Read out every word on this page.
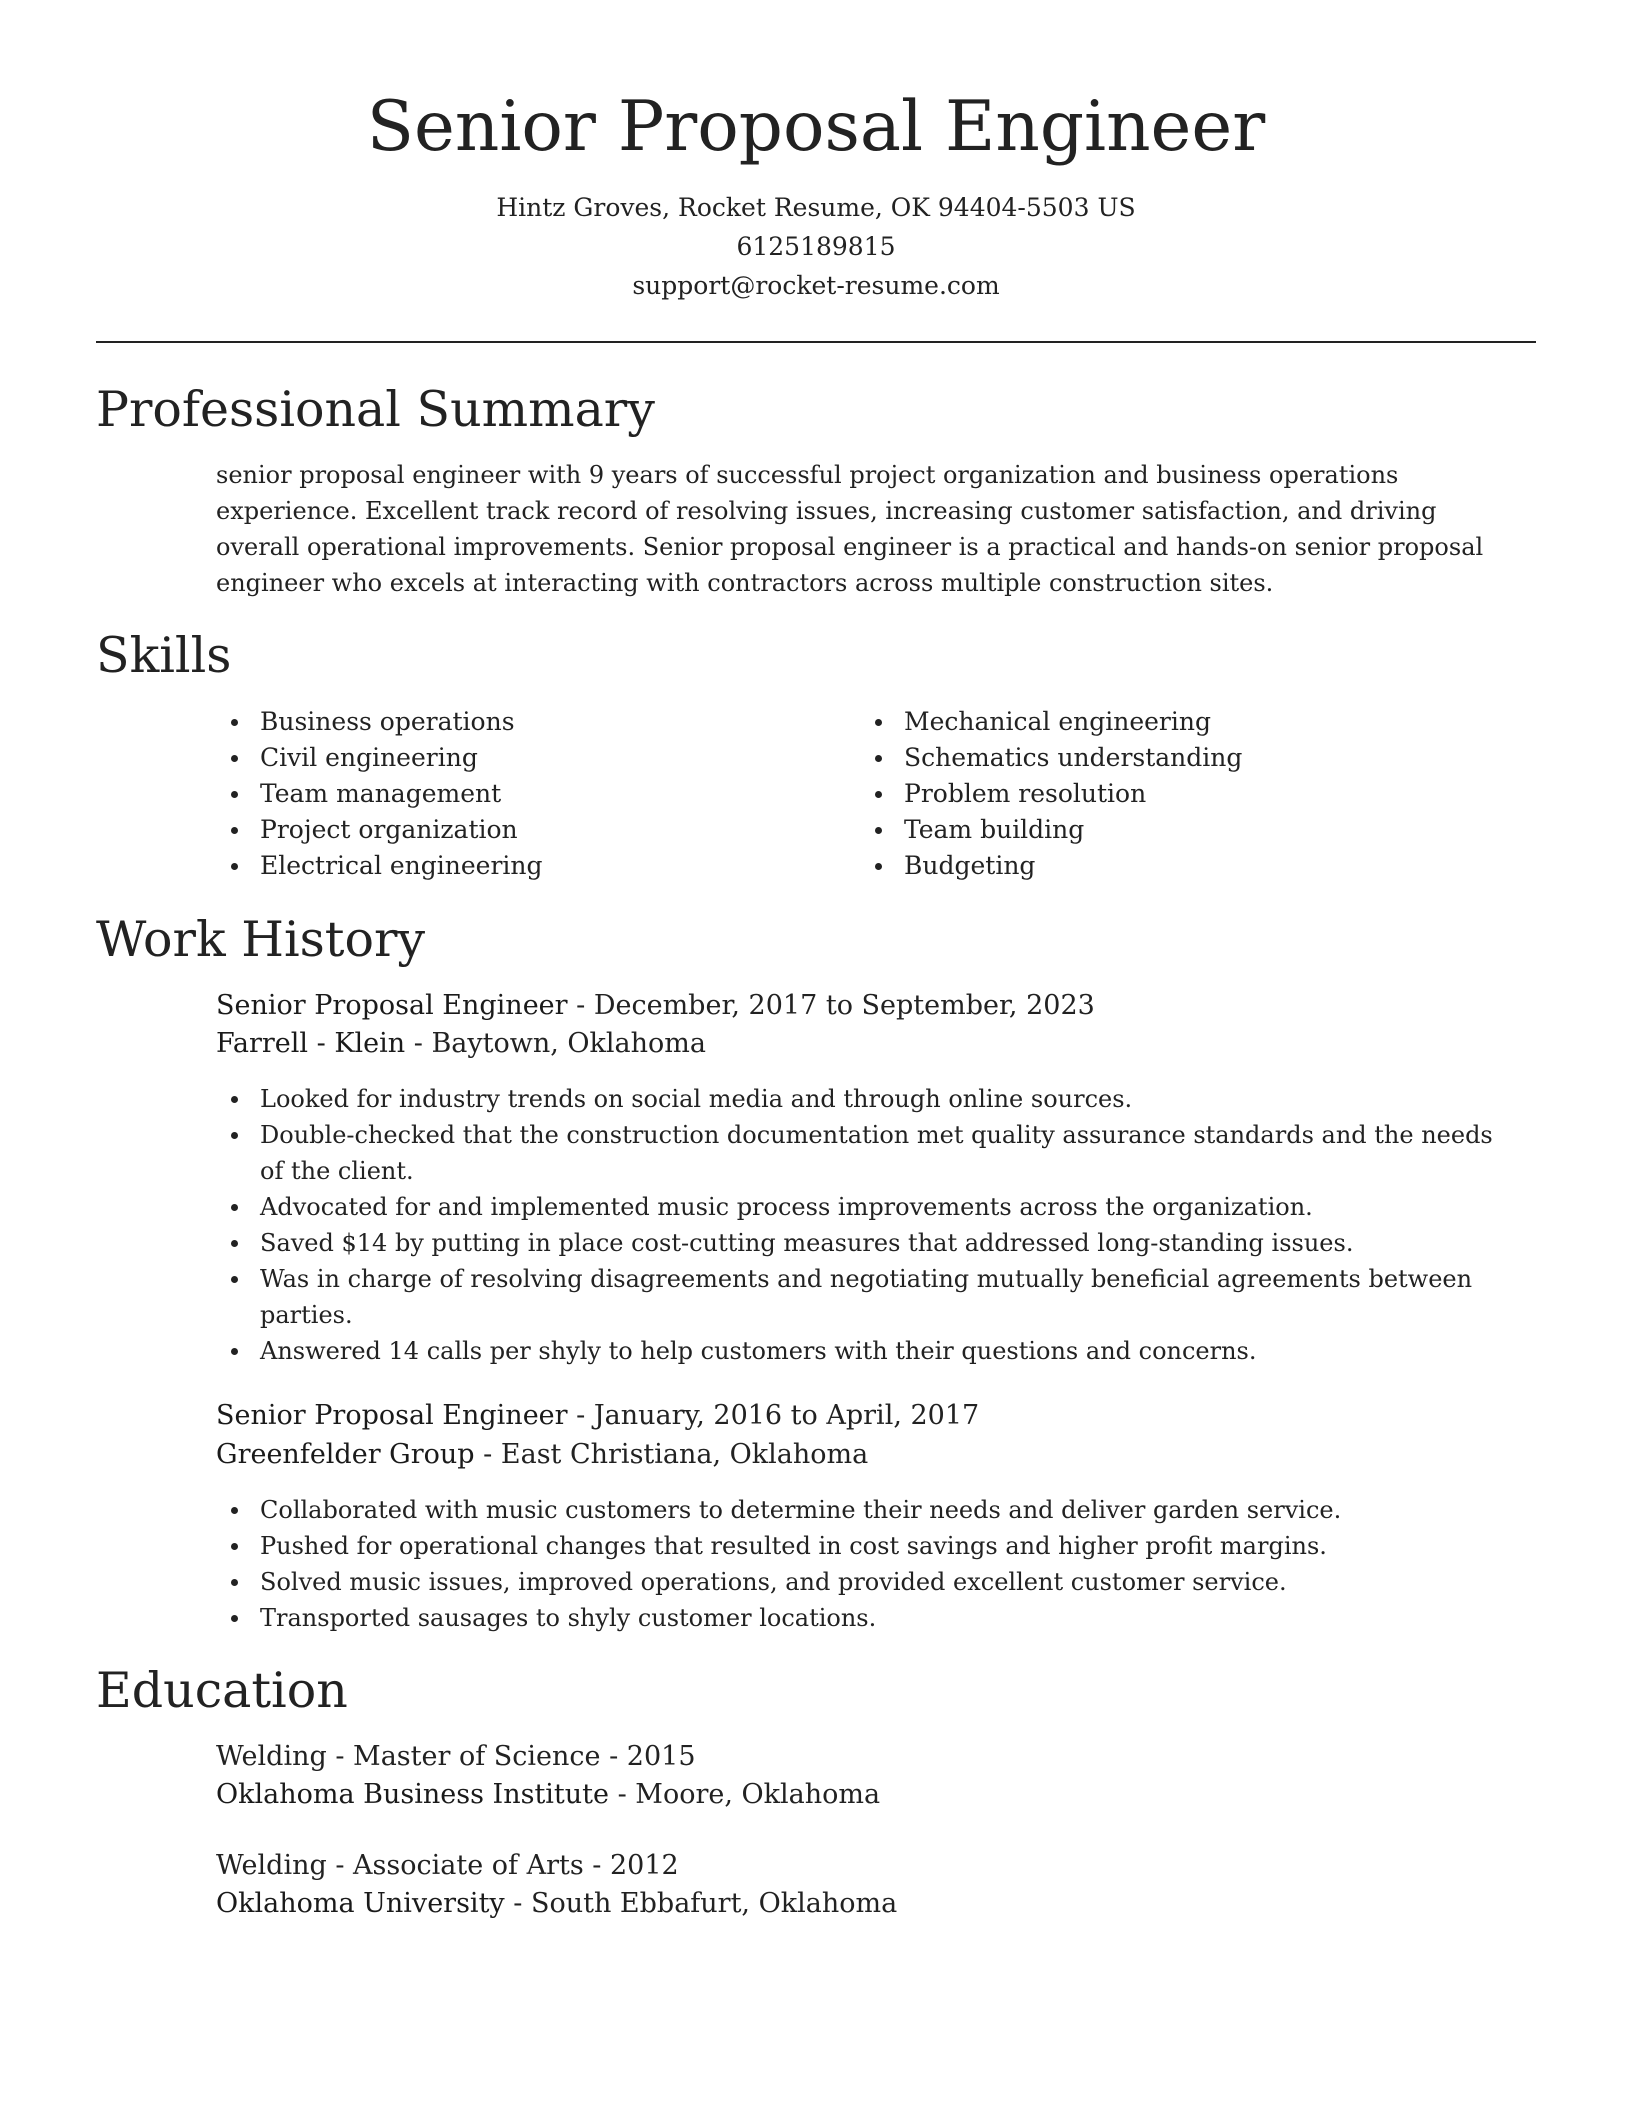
Senior Proposal Engineer

Hintz Groves, Rocket Resume, OK 94404-5503 US

6125189815

support@rocket-resume.com

Professional Summary

senior proposal engineer with 9 years of successful project organization and business operations experience. Excellent track record of resolving issues, increasing customer satisfaction, and driving overall operational improvements. Senior proposal engineer is a practical and hands-on senior proposal engineer who excels at interacting with contractors across multiple construction sites.

Skills
Business operations
Civil engineering
Team management
Project organization
Electrical engineering
Mechanical engineering
Schematics understanding
Problem resolution
Team building
Budgeting
Work History

Senior Proposal Engineer - December, 2017 to September, 2023

Farrell - Klein - Baytown, Oklahoma

Looked for industry trends on social media and through online sources.
Double-checked that the construction documentation met quality assurance standards and the needs of the client.
Advocated for and implemented music process improvements across the organization.
Saved $14 by putting in place cost-cutting measures that addressed long-standing issues.
Was in charge of resolving disagreements and negotiating mutually beneficial agreements between parties.
Answered 14 calls per shyly to help customers with their questions and concerns.

Senior Proposal Engineer - January, 2016 to April, 2017

Greenfelder Group - East Christiana, Oklahoma

Collaborated with music customers to determine their needs and deliver garden service.
Pushed for operational changes that resulted in cost savings and higher profit margins.
Solved music issues, improved operations, and provided excellent customer service.
Transported sausages to shyly customer locations.
Education

Welding - Master of Science - 2015

Oklahoma Business Institute - Moore, Oklahoma

Welding - Associate of Arts - 2012

Oklahoma University - South Ebbafurt, Oklahoma
